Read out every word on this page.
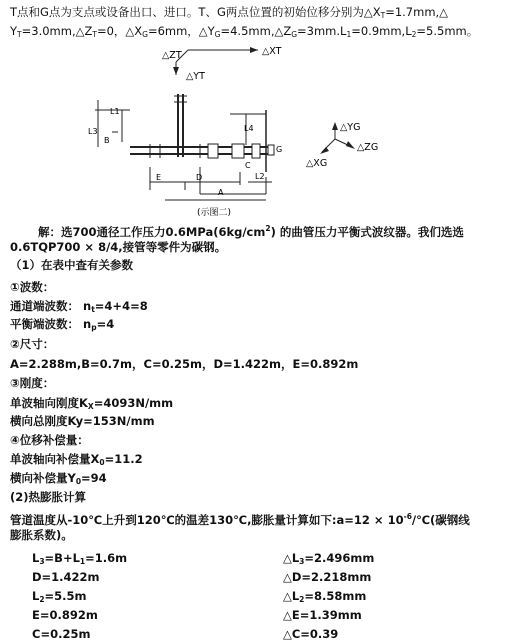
T点和G点为支点或设备出口、进口。T、G两点位置的初始位移分别为$\triangle X_T=1.7mm,\triangle$
$Y_T=3.0mm,\triangle Z_T=0$，$\triangle X_G=6mm$，$\triangle Y_G=4.5mm,\triangle Z_G=3mm.L_1=0.9mm,L_2=5.5mm$。
△ZT
△YT
△XT
L1
L3
B
L4
G
C
E	D	L2
A
△YG
△ZG
△XG
(示图二)
解：选700通径工作压力$0.6MPa(6kg/cm^2)$ 的曲管压力平衡式波纹器。我们选选
0.6TQP700 × 8/4,接管等零件为碳钢。
（1）在表中查有关参数
①波数：
通道端波数： $n_t=4+4=8$
平衡端波数： $n_p=4$
②尺寸：
A=2.288m,B=0.7m，C=0.25m，D=1.422m，E=0.892m
③刚度：
单波轴向刚度$K_X=4093N/mm$
横向总刚度Ky=153N/mm
④位移补偿量：
单波轴向补偿量$X_0=11.2$
横向补偿量$Y_0=94$
(2)热膨胀计算
管道温度从-10℃上升到120℃的温差130℃,膨胀量计算如下:a=12 × $10^{-6}/℃$(碳钢线
膨胀系数)。
$L_3=B+L_1=1.6m$	$\triangle L_3=2.496mm$
D=1.422m	△D=2.218mm
$L_2=5.5m$	$\triangle L_2=8.58mm$
E=0.892m	△E=1.39mm
C=0.25m	△C=0.39
